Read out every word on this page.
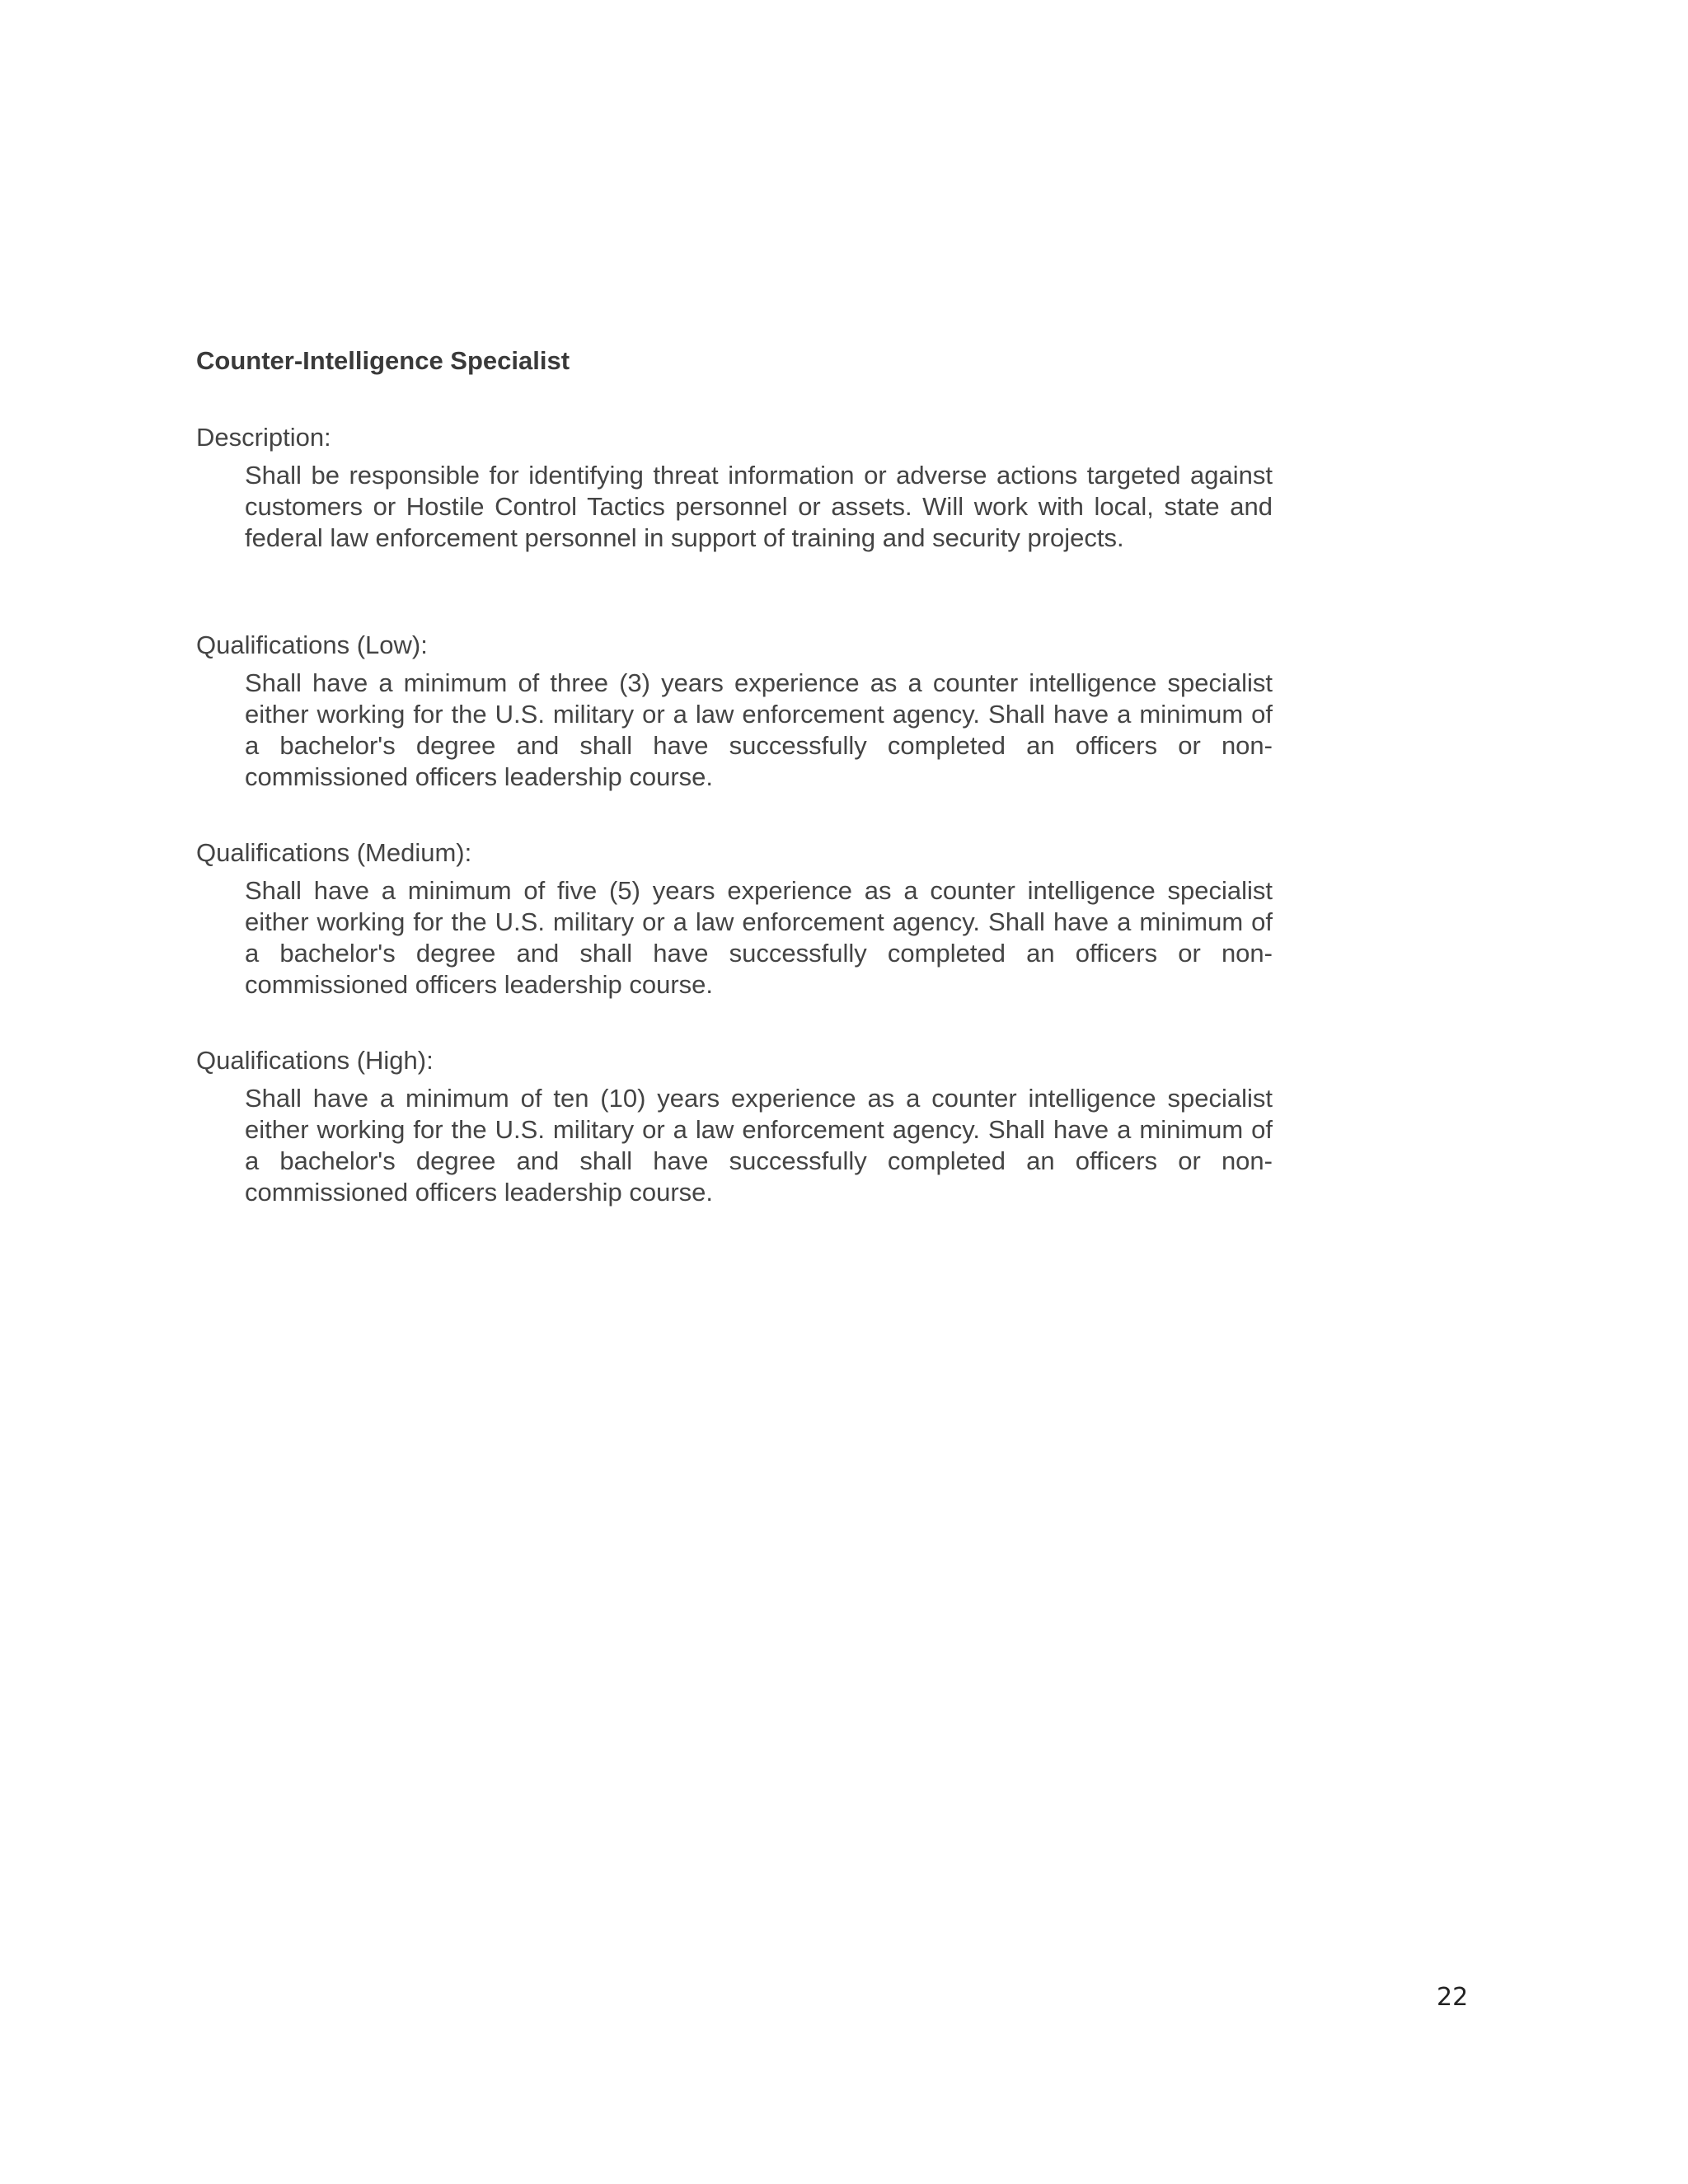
Counter-Intelligence Specialist
Description:
Shall be responsible for identifying threat information or adverse actions targeted against customers or Hostile Control Tactics personnel or assets. Will work with local, state and federal law enforcement personnel in support of training and security projects.
Qualifications (Low):
Shall have a minimum of three (3) years experience as a counter intelligence specialist either working for the U.S. military or a law enforcement agency. Shall have a minimum of a bachelor's degree and shall have successfully completed an officers or non-commissioned officers leadership course.
Qualifications (Medium):
Shall have a minimum of five (5) years experience as a counter intelligence specialist either working for the U.S. military or a law enforcement agency. Shall have a minimum of a bachelor's degree and shall have successfully completed an officers or non-commissioned officers leadership course.
Qualifications (High):
Shall have a minimum of ten (10) years experience as a counter intelligence specialist either working for the U.S. military or a law enforcement agency. Shall have a minimum of a bachelor's degree and shall have successfully completed an officers or non-commissioned officers leadership course.
22
